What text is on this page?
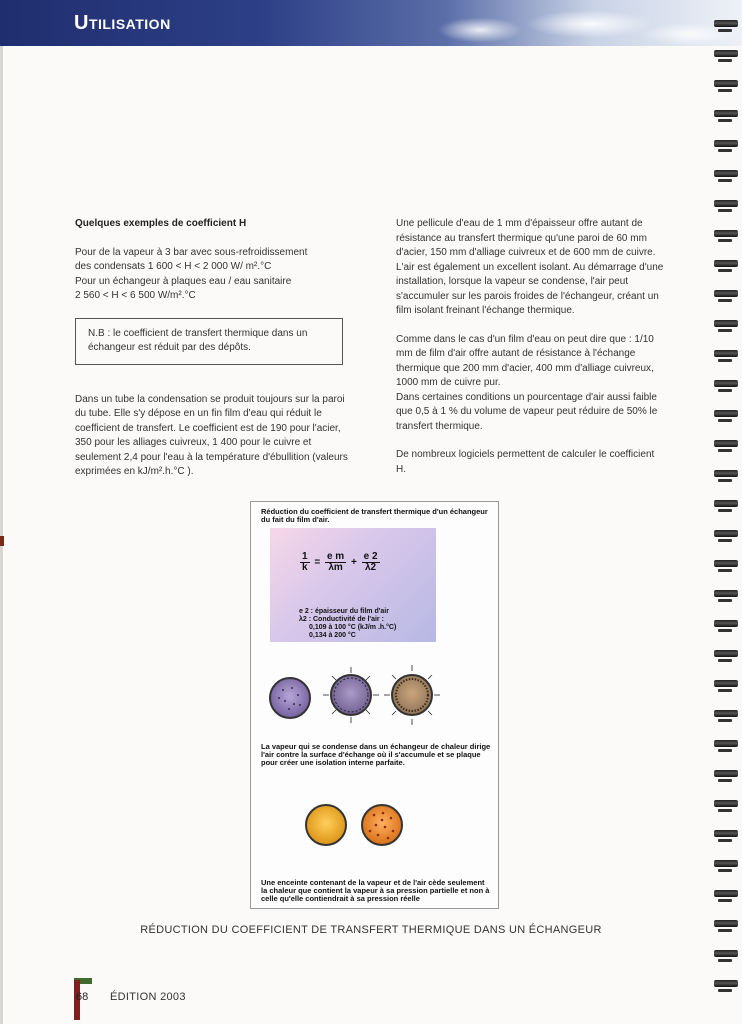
Utilisation

Quelques exemples de coefficient H

Pour de la vapeur à 3 bar avec sous-refroidissement

des condensats 1 600 < H < 2 000 W/ m².°C

Pour un échangeur à plaques eau / eau sanitaire

2 560 < H < 6 500 W/m².°C

N.B : le coefficient de transfert thermique dans un échangeur est réduit par des dépôts.

Dans un tube la condensation se produit toujours sur la paroi du tube. Elle s'y dépose en un fin film d'eau qui réduit le coefficient de transfert. Le coefficient est de 190 pour l'acier, 350 pour les alliages cuivreux, 1 400 pour le cuivre et seulement 2,4 pour l'eau à la température d'ébullition (valeurs exprimées en kJ/m².h.°C ).

Une pellicule d'eau de 1 mm d'épaisseur offre autant de résistance au transfert thermique qu'une paroi de 60 mm d'acier, 150 mm d'alliage cuivreux et de 600 mm de cuivre.

L'air est également un excellent isolant. Au démarrage d'une installation, lorsque la vapeur se condense, l'air peut s'accumuler sur les parois froides de l'échangeur, créant un film isolant freinant l'échange thermique.

Comme dans le cas d'un film d'eau on peut dire que : 1/10 mm de film d'air offre autant de résistance à l'échange thermique que 200 mm d'acier, 400 mm d'alliage cuivreux, 1000 mm de cuivre pur.

Dans certaines conditions un pourcentage d'air aussi faible que 0,5 à 1 % du volume de vapeur peut réduire de 50% le transfert thermique.

De nombreux logiciels permettent de calculer le coefficient H.

Réduction du coefficient de transfert thermique d'un échangeur du fait du film d'air.
$\frac{1}{k} = \frac{\text{e m}}{\lambda m} + \frac{e 2}{\lambda 2}$
e 2 : épaisseur du film d'air
λ2 : Conductivité de l'air :
0,109 à 100 °C (kJ/m .h.°C)
0,134 à 200 °C
La vapeur qui se condense dans un échangeur de chaleur dirige l'air contre la surface d'échange où il s'accumule et se plaque pour créer une isolation interne parfaite.
Une enceinte contenant de la vapeur et de l'air cède seulement la chaleur que contient la vapeur à sa pression partielle et non à celle qu'elle contiendrait à sa pression réelle
RÉDUCTION DU COEFFICIENT DE TRANSFERT THERMIQUE DANS UN ÉCHANGEUR
68 ÉDITION 2003
